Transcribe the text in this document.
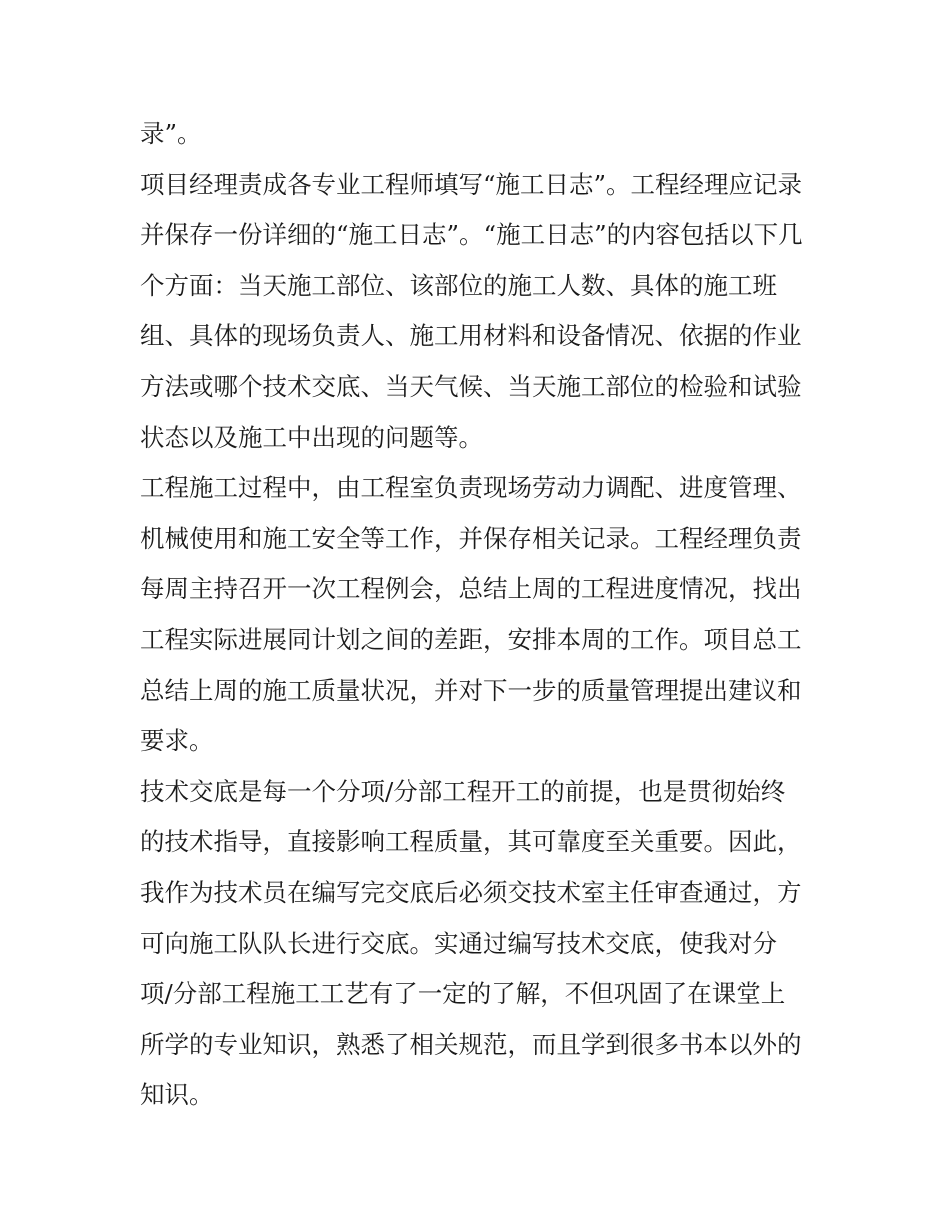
录”。
项目经理责成各专业工程师填写“施工日志”。工程经理应记录
并保存一份详细的“施工日志”。“施工日志”的内容包括以下几
个方面：当天施工部位、该部位的施工人数、具体的施工班
组、具体的现场负责人、施工用材料和设备情况、依据的作业
方法或哪个技术交底、当天气候、当天施工部位的检验和试验
状态以及施工中出现的问题等。
工程施工过程中，由工程室负责现场劳动力调配、进度管理、
机械使用和施工安全等工作，并保存相关记录。工程经理负责
每周主持召开一次工程例会，总结上周的工程进度情况，找出
工程实际进展同计划之间的差距，安排本周的工作。项目总工
总结上周的施工质量状况，并对下一步的质量管理提出建议和
要求。
技术交底是每一个分项/分部工程开工的前提，也是贯彻始终
的技术指导，直接影响工程质量，其可靠度至关重要。因此，
我作为技术员在编写完交底后必须交技术室主任审查通过，方
可向施工队队长进行交底。实通过编写技术交底，使我对分
项/分部工程施工工艺有了一定的了解，不但巩固了在课堂上
所学的专业知识，熟悉了相关规范，而且学到很多书本以外的
知识。
